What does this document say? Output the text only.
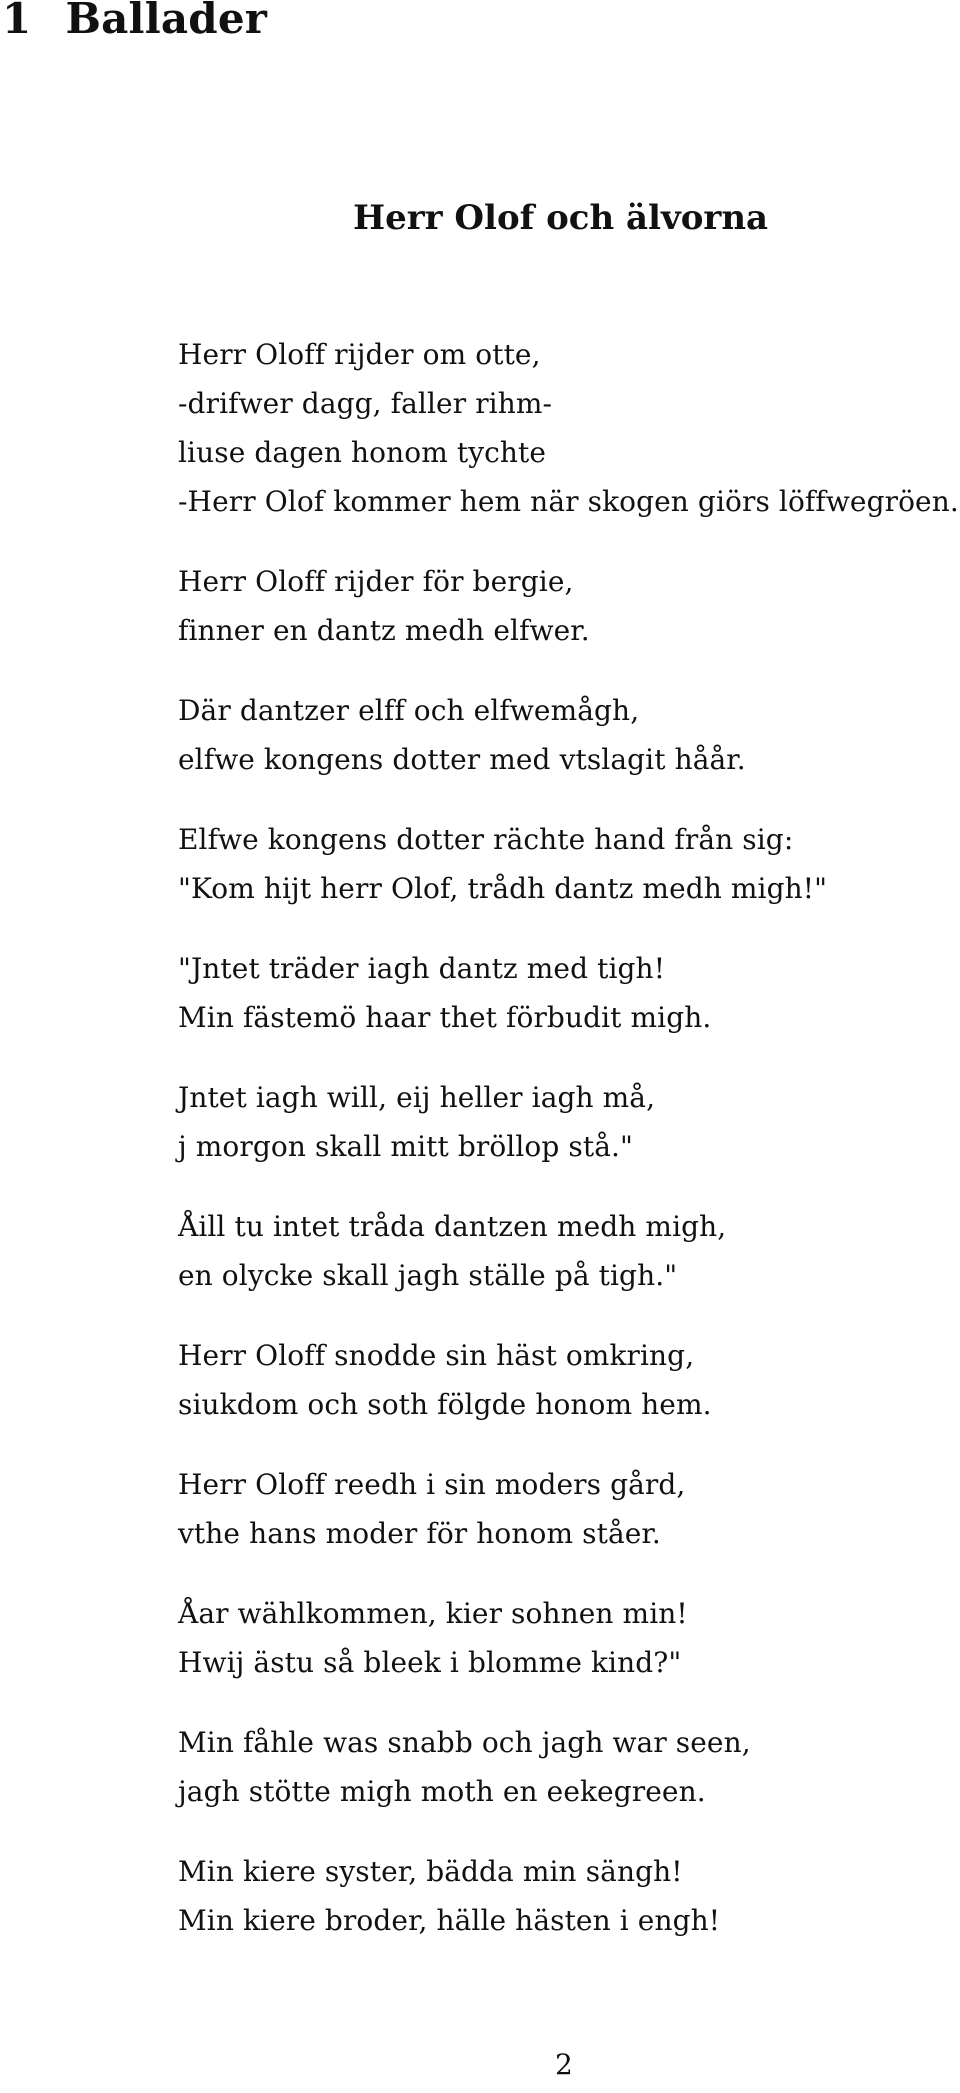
1 Ballader
Herr Olof och älvorna
Herr Oloff rijder om otte,
-drifwer dagg, faller rihm-
liuse dagen honom tychte
-Herr Olof kommer hem när skogen giörs löffwegröen.
Herr Oloff rijder för bergie,
finner en dantz medh elfwer.
Där dantzer elff och elfwemågh,
elfwe kongens dotter med vtslagit håår.
Elfwe kongens dotter rächte hand från sig:
"Kom hijt herr Olof, trådh dantz medh migh!"
"Jntet träder iagh dantz med tigh!
Min fästemö haar thet förbudit migh.
Jntet iagh will, eij heller iagh må,
j morgon skall mitt bröllop stå."
Åill tu intet tråda dantzen medh migh,
en olycke skall jagh ställe på tigh."
Herr Oloff snodde sin häst omkring,
siukdom och soth fölgde honom hem.
Herr Oloff reedh i sin moders gård,
vthe hans moder för honom ståer.
Åar wählkommen, kier sohnen min!
Hwij ästu så bleek i blomme kind?"
Min fåhle was snabb och jagh war seen,
jagh stötte migh moth en eekegreen.
Min kiere syster, bädda min sängh!
Min kiere broder, hälle hästen i engh!
2
